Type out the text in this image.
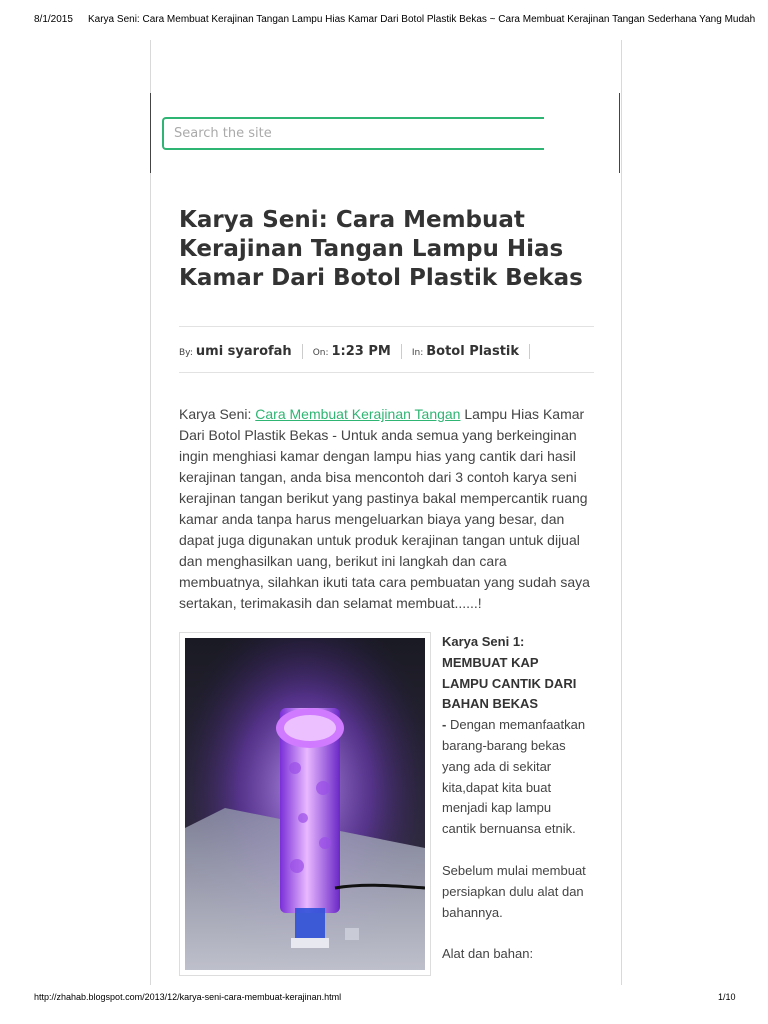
8/1/2015 Karya Seni: Cara Membuat Kerajinan Tangan Lampu Hias Kamar Dari Botol Plastik Bekas ~ Cara Membuat Kerajinan Tangan Sederhana Yang Mudah
Search the site
Karya Seni: Cara Membuat Kerajinan Tangan Lampu Hias Kamar Dari Botol Plastik Bekas
By: umi syarofah On: 1:23 PM In: Botol Plastik
Karya Seni: Cara Membuat Kerajinan Tangan Lampu Hias Kamar
Dari Botol Plastik Bekas - Untuk anda semua yang berkeinginan
ingin menghiasi kamar dengan lampu hias yang cantik dari hasil
kerajinan tangan, anda bisa mencontoh dari 3 contoh karya seni
kerajinan tangan berikut yang pastinya bakal mempercantik ruang
kamar anda tanpa harus mengeluarkan biaya yang besar, dan
dapat juga digunakan untuk produk kerajinan tangan untuk dijual
dan menghasilkan uang, berikut ini langkah dan cara
membuatnya, silahkan ikuti tata cara pembuatan yang sudah saya
sertakan, terimakasih dan selamat membuat......!
Karya Seni 1:
MEMBUAT KAP
LAMPU CANTIK DARI
BAHAN BEKAS
- Dengan memanfaatkan
barang-barang bekas
yang ada di sekitar
kita,dapat kita buat
menjadi kap lampu
cantik bernuansa etnik.
Sebelum mulai membuat
persiapkan dulu alat dan
bahannya.
Alat dan bahan:
http://zhahab.blogspot.com/2013/12/karya-seni-cara-membuat-kerajinan.html	1/10
